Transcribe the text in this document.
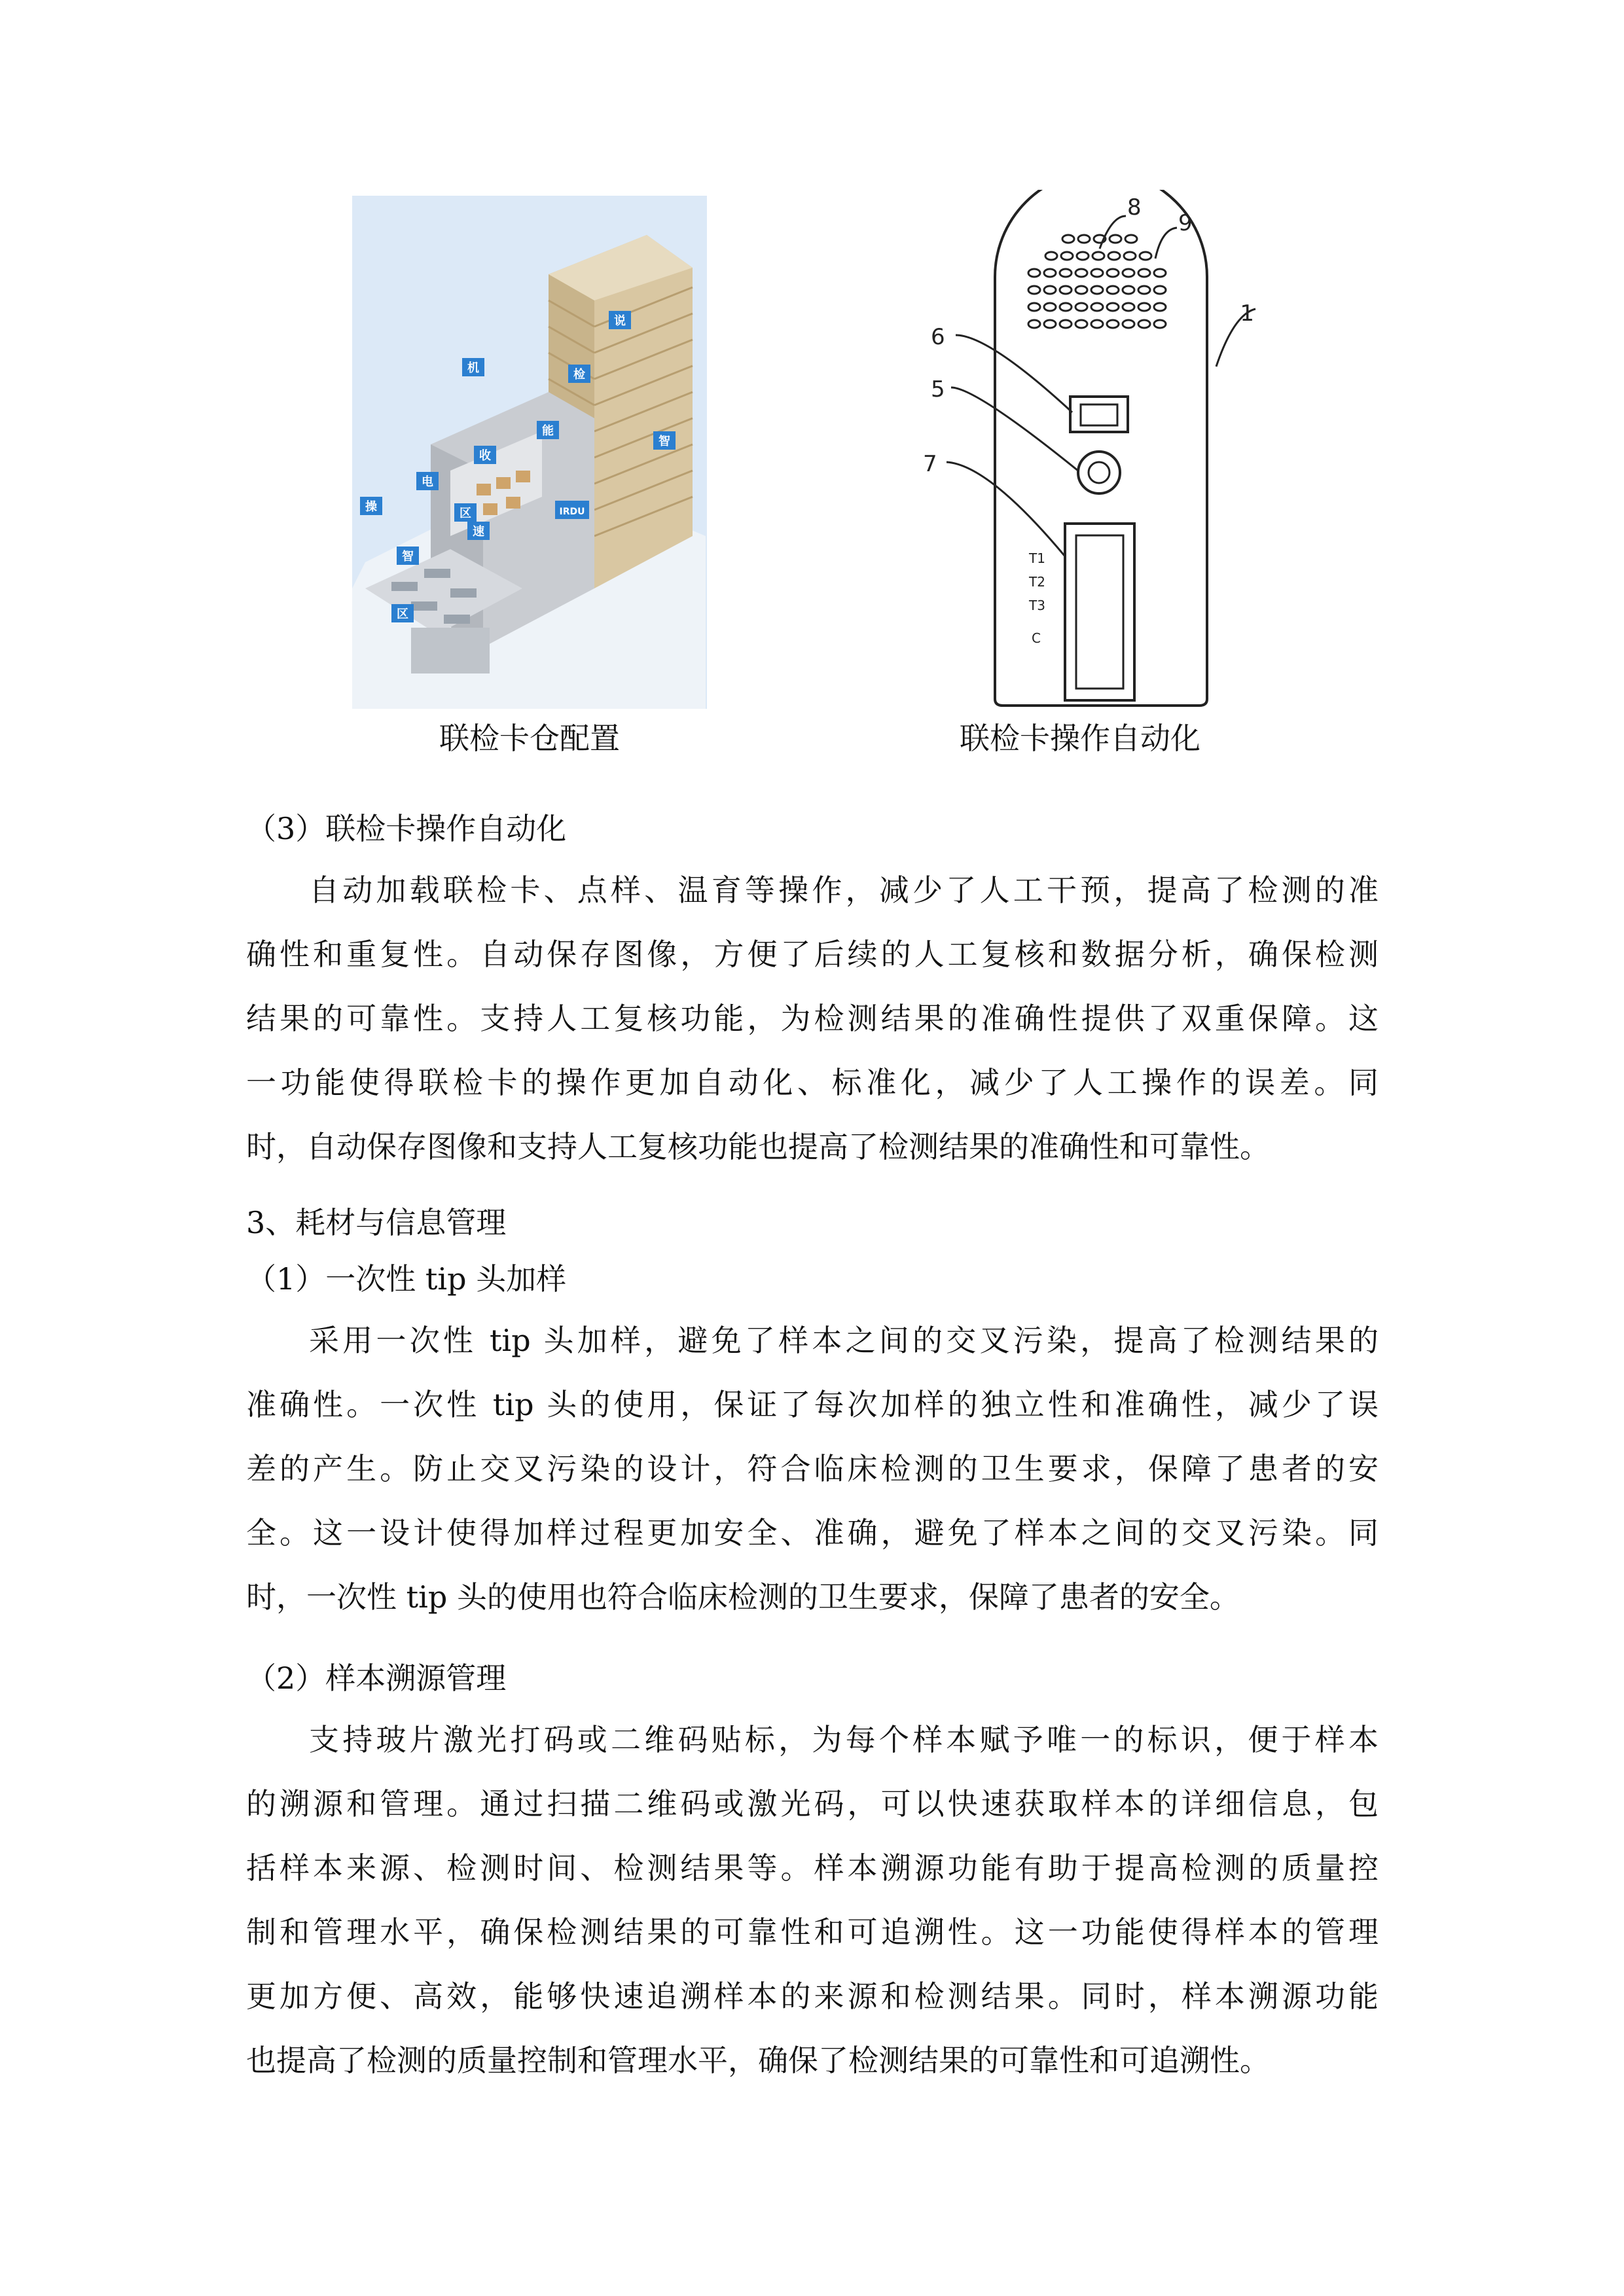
说
机	检
能
智
IRDU
区
电
收
速
操
智
区
联检卡仓配置
8
9
1
6
5
7
T1
T2
T3
C
联检卡操作自动化

（3）联检卡操作自动化

自动加载联检卡、点样、温育等操作，减少了人工干预，提高了检测的准

确性和重复性。自动保存图像，方便了后续的人工复核和数据分析，确保检测

结果的可靠性。支持人工复核功能，为检测结果的准确性提供了双重保障。这

一功能使得联检卡的操作更加自动化、标准化，减少了人工操作的误差。同

时，自动保存图像和支持人工复核功能也提高了检测结果的准确性和可靠性。

3、耗材与信息管理

（1）一次性 tip 头加样

采用一次性 tip 头加样，避免了样本之间的交叉污染，提高了检测结果的

准确性。一次性 tip 头的使用，保证了每次加样的独立性和准确性，减少了误

差的产生。防止交叉污染的设计，符合临床检测的卫生要求，保障了患者的安

全。这一设计使得加样过程更加安全、准确，避免了样本之间的交叉污染。同

时，一次性 tip 头的使用也符合临床检测的卫生要求，保障了患者的安全。

（2）样本溯源管理

支持玻片激光打码或二维码贴标，为每个样本赋予唯一的标识，便于样本

的溯源和管理。通过扫描二维码或激光码，可以快速获取样本的详细信息，包

括样本来源、检测时间、检测结果等。样本溯源功能有助于提高检测的质量控

制和管理水平，确保检测结果的可靠性和可追溯性。这一功能使得样本的管理

更加方便、高效，能够快速追溯样本的来源和检测结果。同时，样本溯源功能

也提高了检测的质量控制和管理水平，确保了检测结果的可靠性和可追溯性。
